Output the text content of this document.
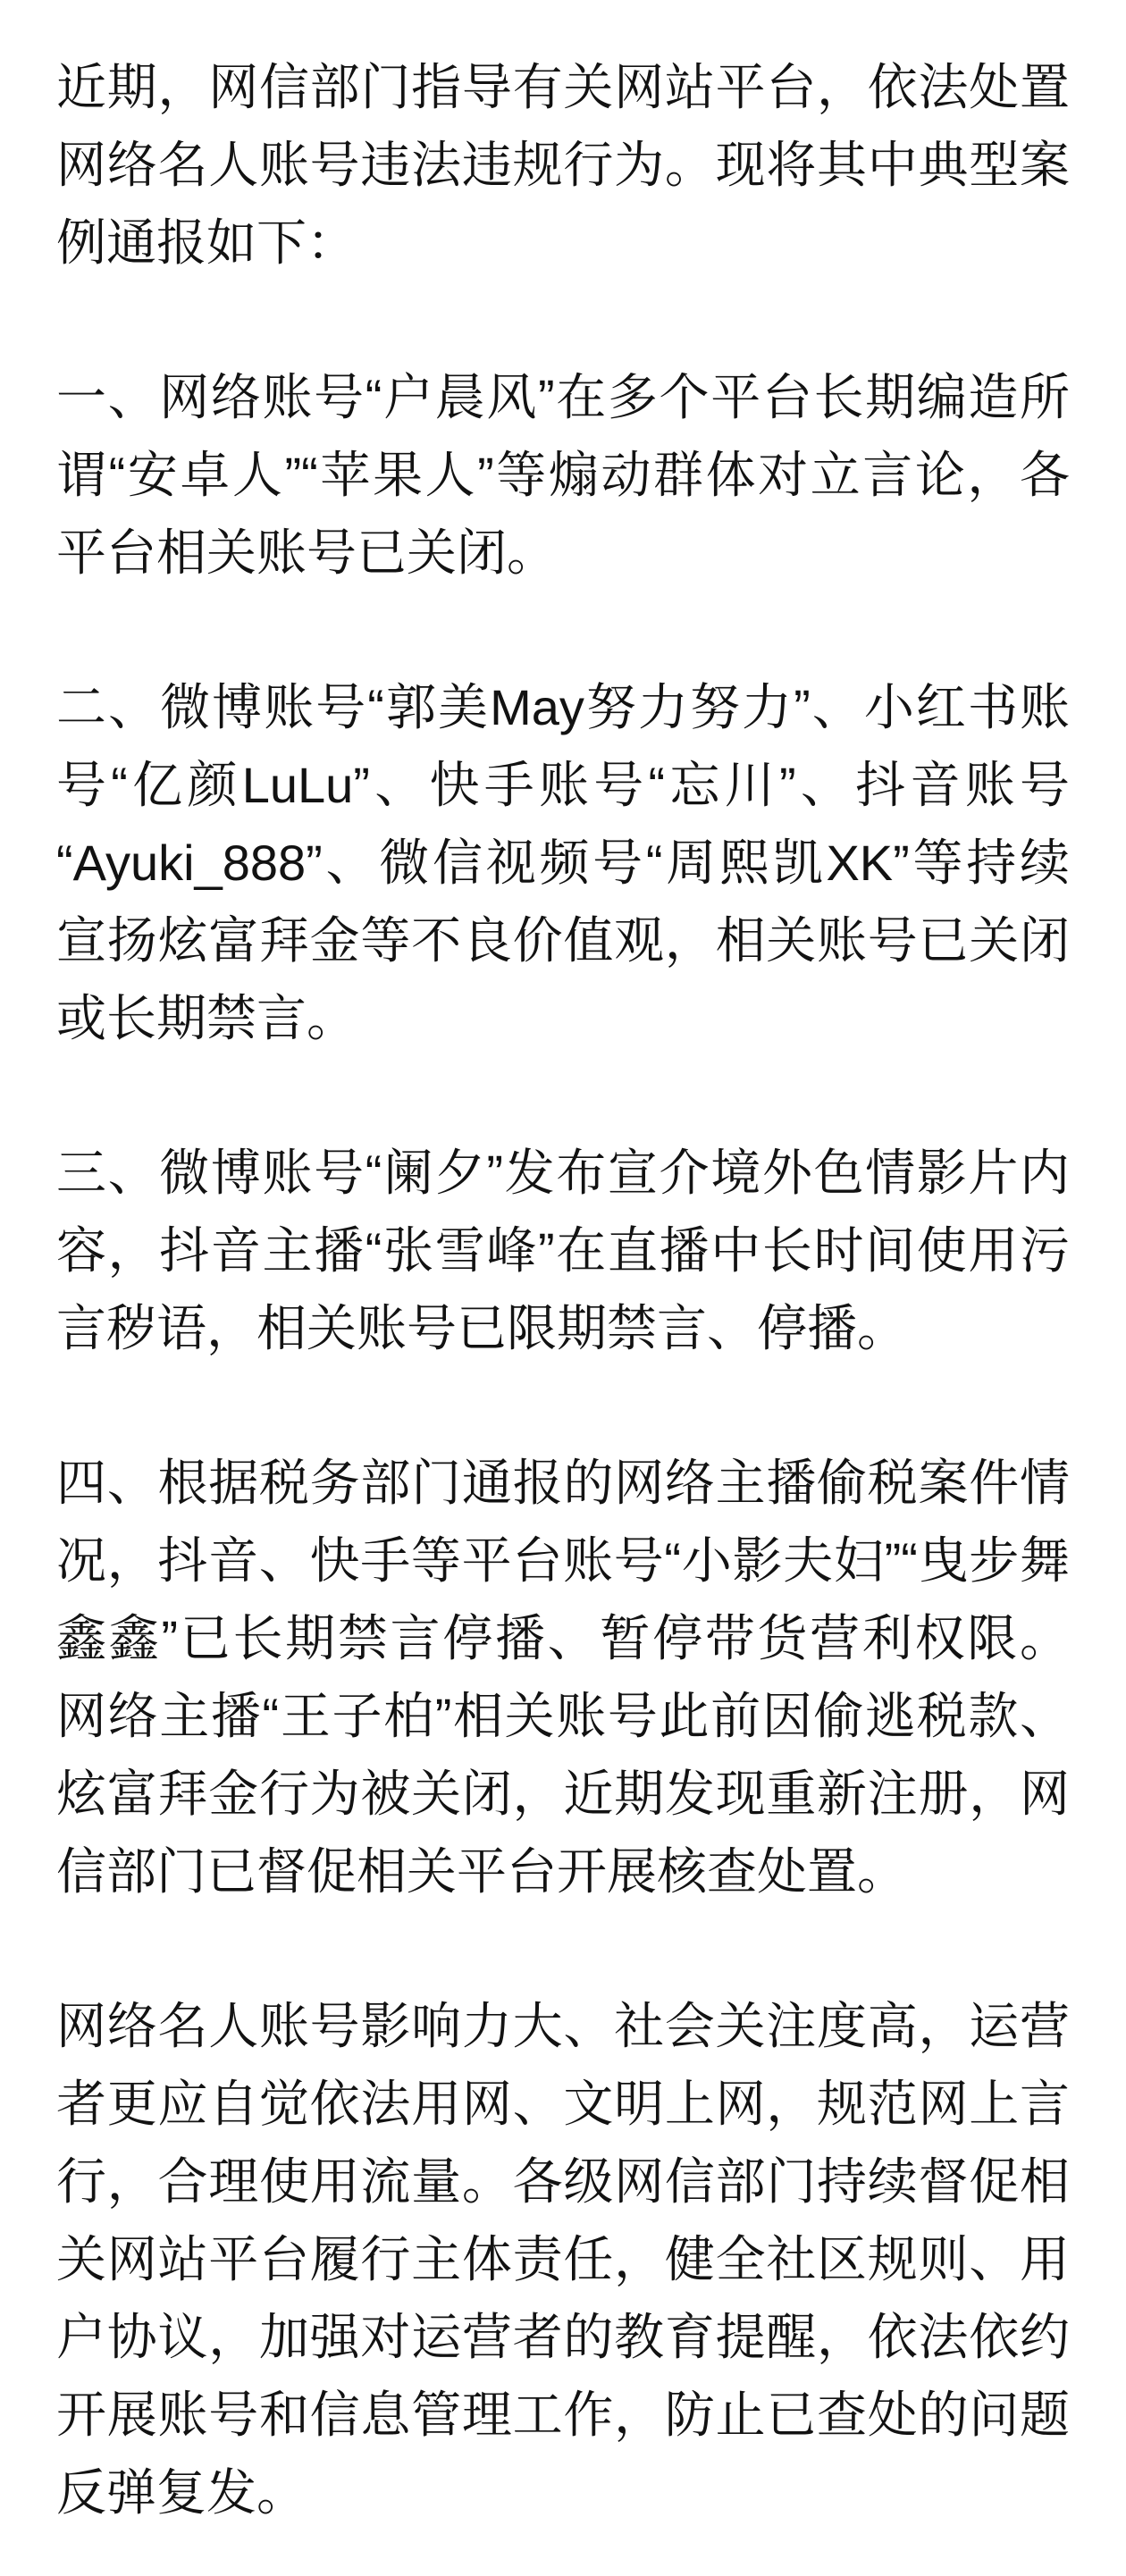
近期，网信部门指导有关网站平台，依法处置网络名人账号违法违规行为。现将其中典型案例通报如下：

一、网络账号“户晨风”在多个平台长期编造所谓“安卓人”“苹果人”等煽动群体对立言论，各平台相关账号已关闭。

二、微博账号“郭美May努力努力”、小红书账号“亿颜LuLu”、快手账号“忘川”、抖音账号“Ayuki_888”、微信视频号“周熙凯XK”等持续宣扬炫富拜金等不良价值观，相关账号已关闭或长期禁言。

三、微博账号“阑夕”发布宣介境外色情影片内容，抖音主播“张雪峰”在直播中长时间使用污言秽语，相关账号已限期禁言、停播。

四、根据税务部门通报的网络主播偷税案件情况，抖音、快手等平台账号“小影夫妇”“曳步舞鑫鑫”已长期禁言停播、暂停带货营利权限。网络主播“王子柏”相关账号此前因偷逃税款、炫富拜金行为被关闭，近期发现重新注册，网信部门已督促相关平台开展核查处置。

网络名人账号影响力大、社会关注度高，运营者更应自觉依法用网、文明上网，规范网上言行，合理使用流量。各级网信部门持续督促相关网站平台履行主体责任，健全社区规则、用户协议，加强对运营者的教育提醒，依法依约开展账号和信息管理工作，防止已查处的问题反弹复发。
